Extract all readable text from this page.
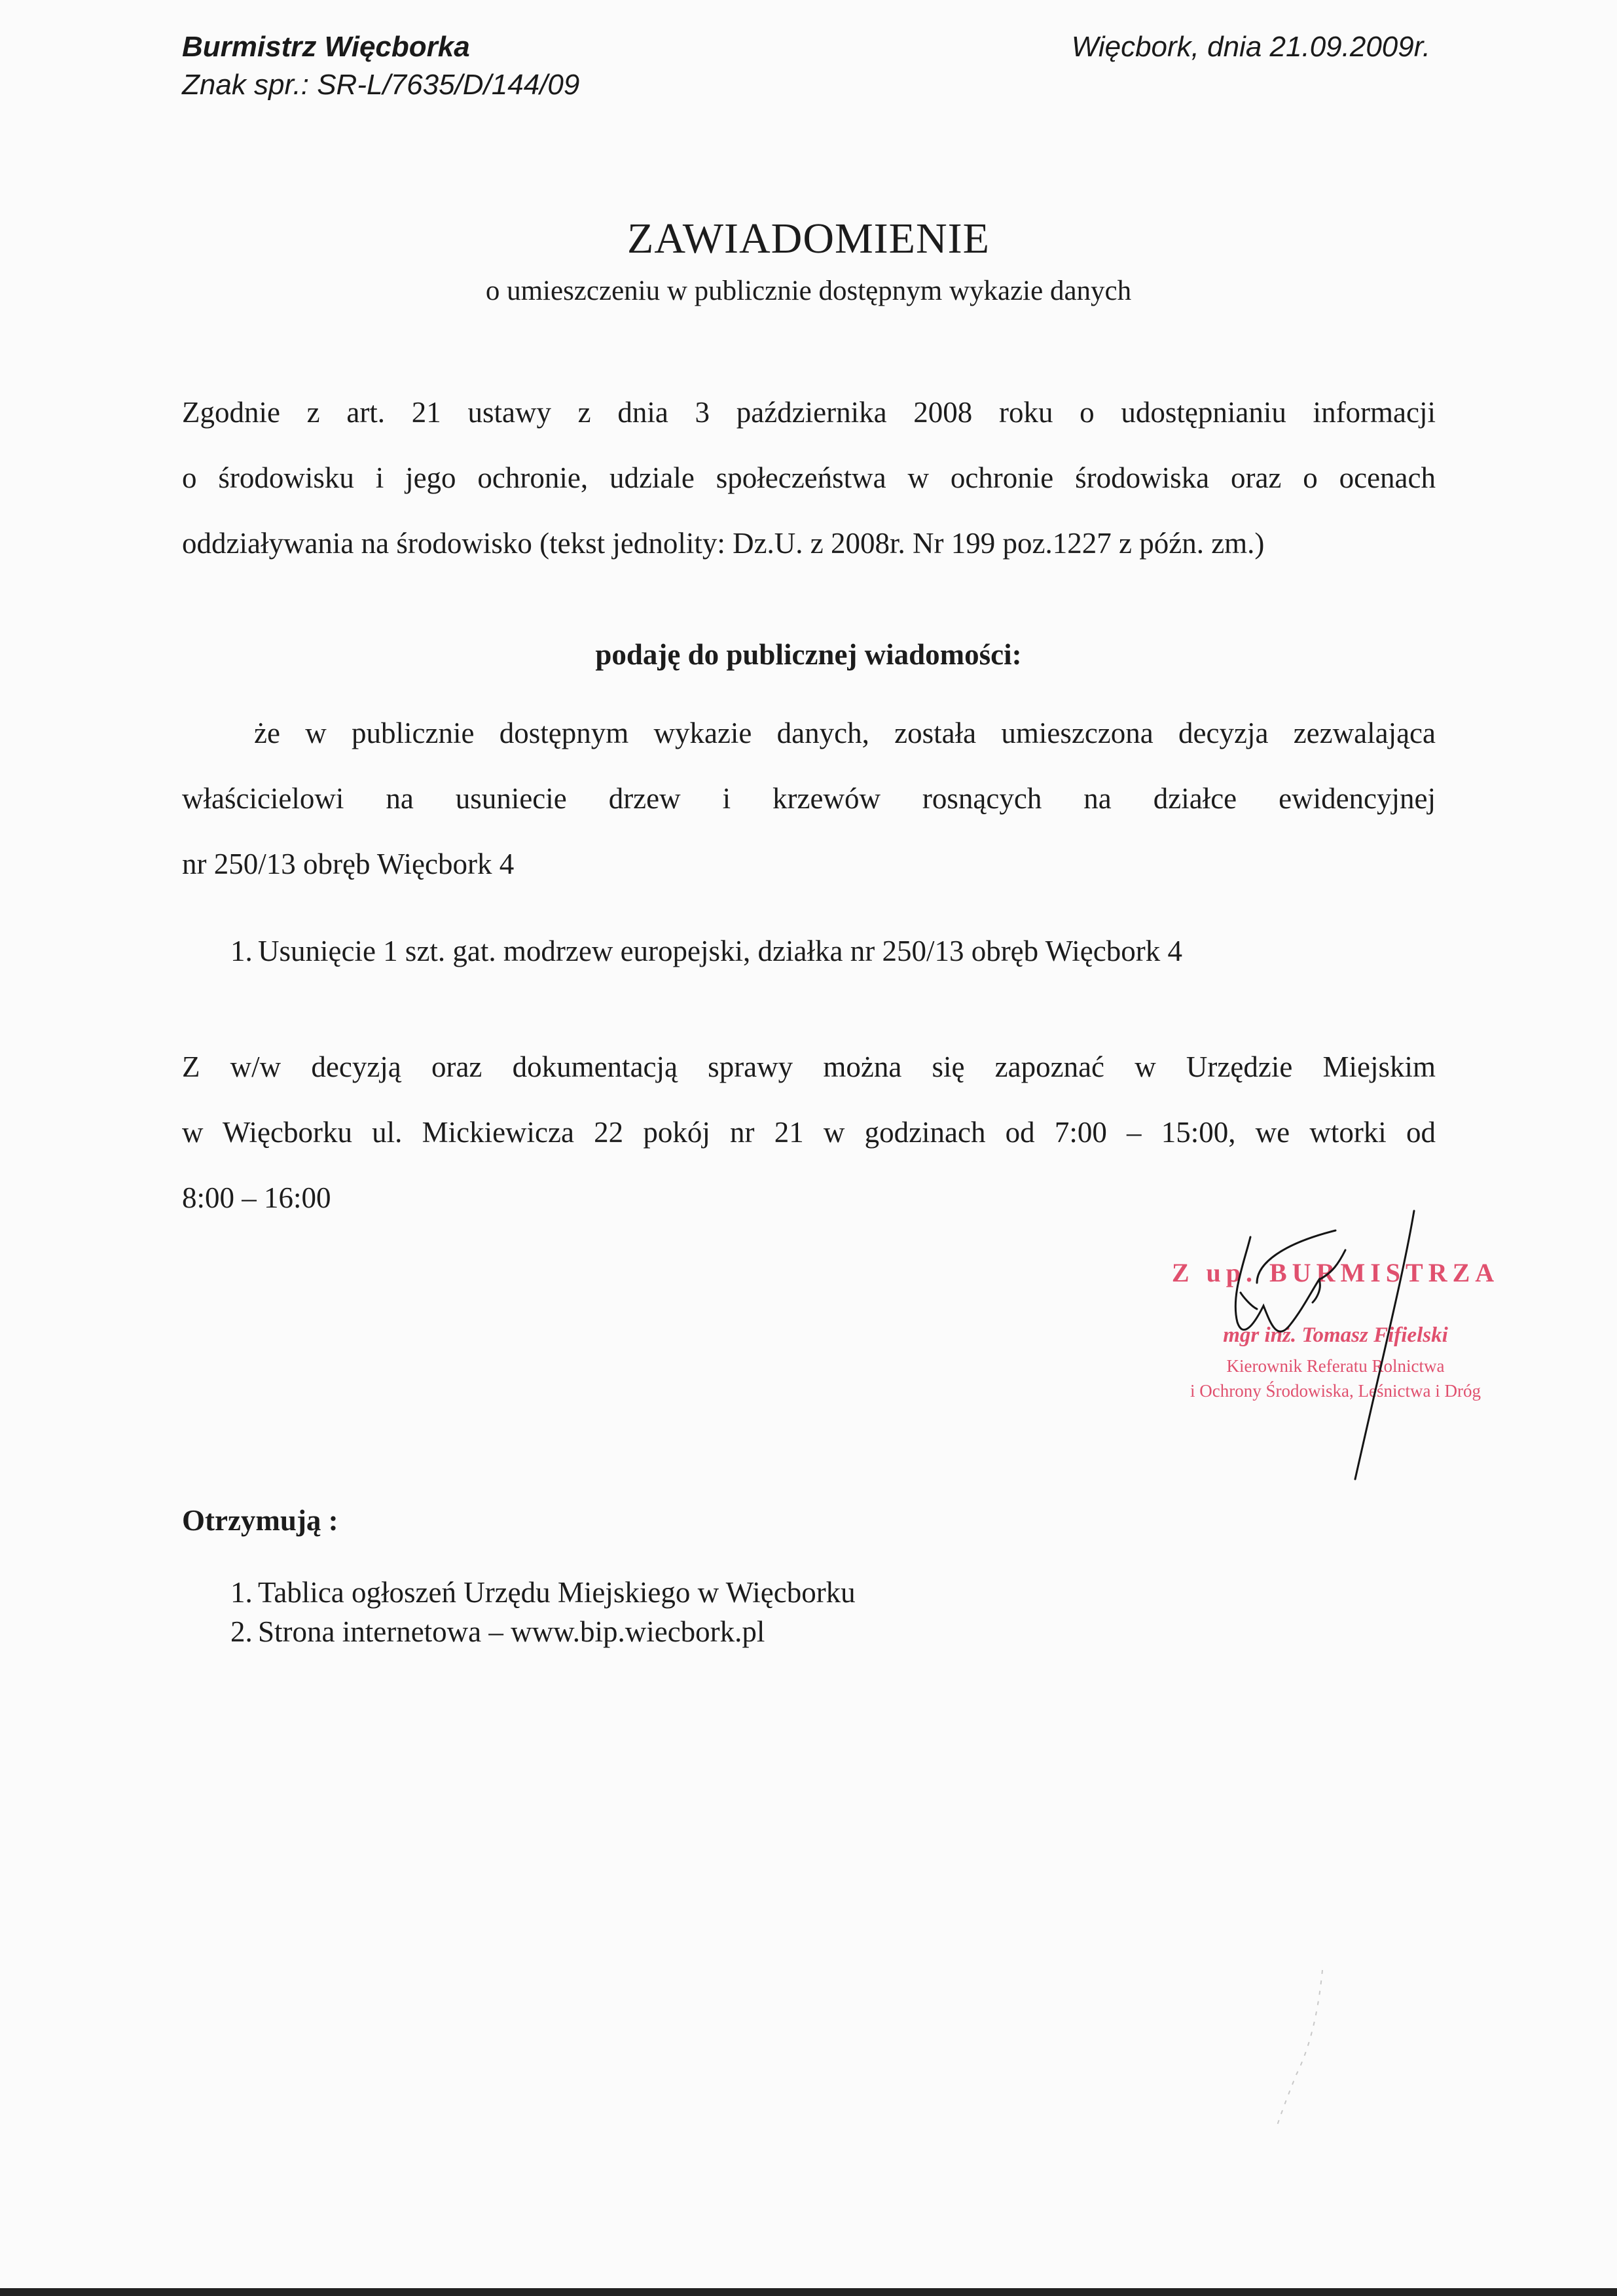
Burmistrz Więcborka
Znak spr.: SR-L/7635/D/144/09
Więcbork, dnia 21.09.2009r.
ZAWIADOMIENIE
o umieszczeniu w publicznie dostępnym wykazie danych
Zgodnie z art. 21 ustawy z dnia 3 października 2008 roku o udostępnianiu informacji
o środowisku i jego ochronie, udziale społeczeństwa w ochronie środowiska oraz o ocenach
oddziaływania na środowisko (tekst jednolity: Dz.U. z 2008r. Nr 199 poz.1227 z późn. zm.)
podaję do publicznej wiadomości:
że w publicznie dostępnym wykazie danych, została umieszczona decyzja zezwalająca
właścicielowi na usuniecie drzew i krzewów rosnących na działce ewidencyjnej
nr 250/13 obręb Więcbork 4
1. Usunięcie 1 szt. gat. modrzew europejski, działka nr 250/13 obręb Więcbork 4
Z w/w decyzją oraz dokumentacją sprawy można się zapoznać w Urzędzie Miejskim
w Więcborku ul. Mickiewicza 22 pokój nr 21 w godzinach od 7:00 – 15:00, we wtorki od
8:00 – 16:00
Z up. BURMISTRZA
mgr inż. Tomasz Fifielski
Kierownik Referatu Rolnictwa
i Ochrony Środowiska, Leśnictwa i Dróg
Otrzymują :
1. Tablica ogłoszeń Urzędu Miejskiego w Więcborku
2. Strona internetowa – www.bip.wiecbork.pl
